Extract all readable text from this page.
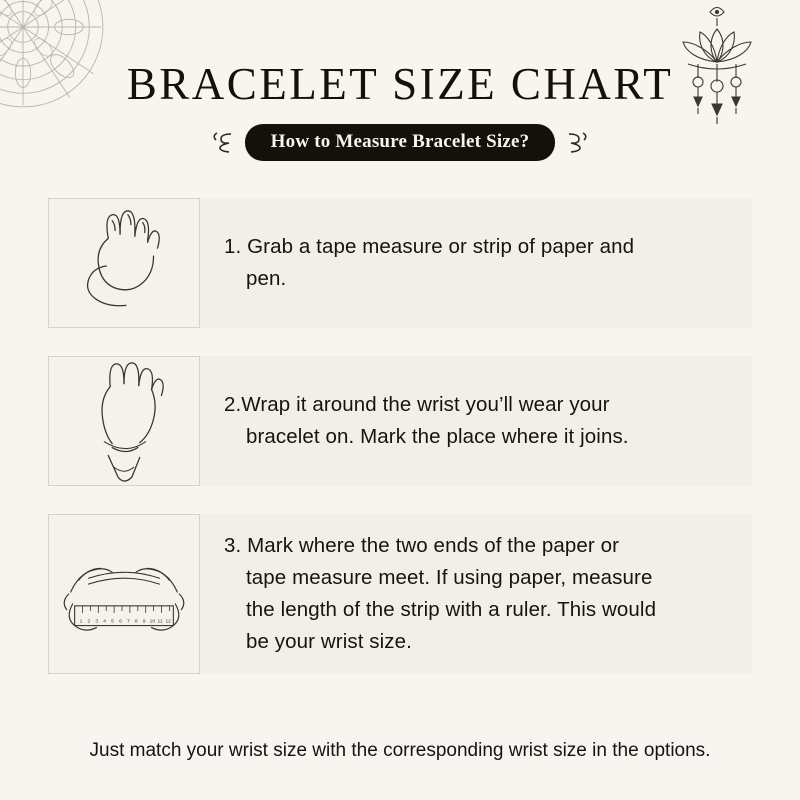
BRACELET SIZE CHART
How to Measure Bracelet Size?
1. Grab a tape measure or strip of paper and
pen.
2.Wrap it around the wrist you’ll wear your
bracelet on. Mark the place where it joins.
1 2 3 4 5 6 7 8 9 10 11 12
3. Mark where the two ends of the paper or
tape measure meet. If using paper, measure
the length of the strip with a ruler. This would
be your wrist size.
Just match your wrist size with the corresponding wrist size in the options.
